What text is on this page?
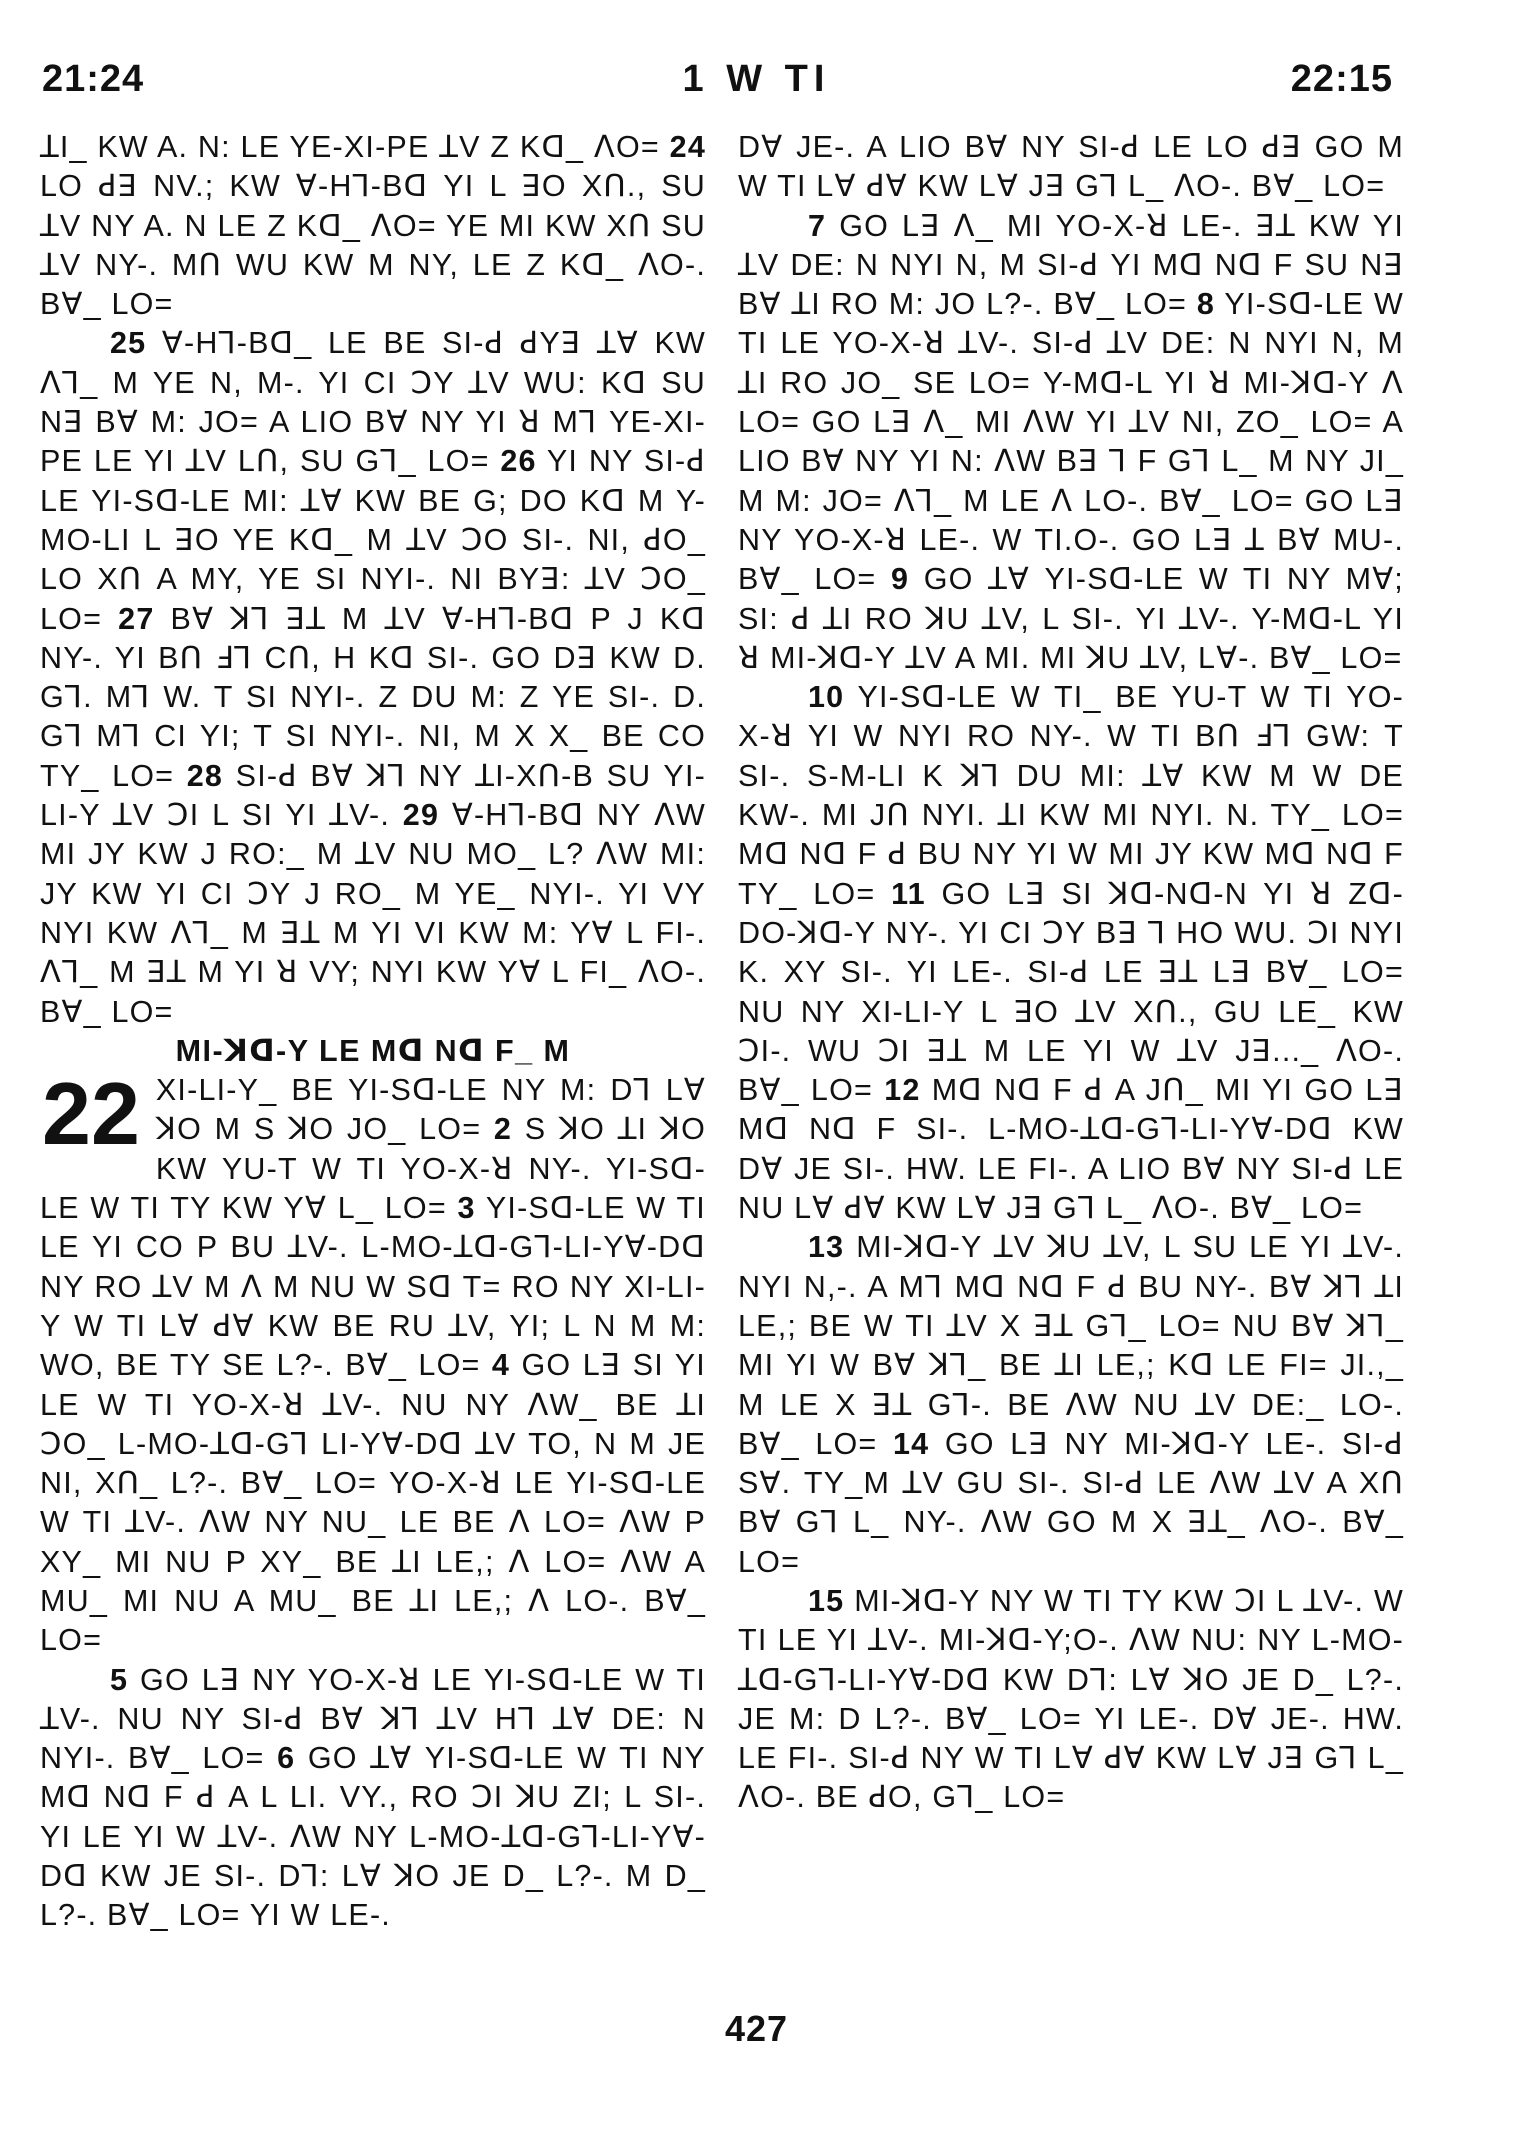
21:24	1 W TI	22:15

ꓕI_ KW A. N: LE YE-XI-PE ꓕV Z Kꓷ_ ꓥO= 24 LO ꓒꓱ NV.; KW ꓯ-Hꓶ-Bꓷ YI L ꓱO Xꓵ., SU ꓕV NY A. N LE Z Kꓷ_ ꓥO= YE MI KW Xꓵ SU ꓕV NY-. Mꓵ WU KW M NY, LE Z Kꓷ_ ꓥO-. Bꓯ_ LO=

25 ꓯ-Hꓶ-Bꓷ_ LE BE SI-ꓒ ꓒYꓱ ꓕꓯ KW ꓥꓶ_ M YE N, M-. YI CI ꓛY ꓕV WU: Kꓷ SU Nꓱ Bꓯ M: JO= A LIO Bꓯ NY YI ꓤ Mꓶ YE-XI-PE LE YI ꓕV Lꓵ, SU Gꓶ_ LO= 26 YI NY SI-ꓒ LE YI-Sꓷ-LE MI: ꓕꓯ KW BE G; DO Kꓷ M Y-MO-LI L ꓱO YE Kꓷ_ M ꓕV ꓛO SI-. NI, ꓒO_ LO Xꓵ A MY, YE SI NYI-. NI BYꓱ: ꓕV ꓛO_ LO= 27 Bꓯ ꓘꓶ ꓱꓕ M ꓕV ꓯ-Hꓶ-Bꓷ P J Kꓷ NY-. YI Bꓵ ꓞꓶ Cꓵ, H Kꓷ SI-. GO Dꓱ KW D. Gꓶ. Mꓶ W. T SI NYI-. Z DU M: Z YE SI-. D. Gꓶ Mꓶ CI YI; T SI NYI-. NI, M X X_ BE CO TY_ LO= 28 SI-ꓒ Bꓯ ꓘꓶ NY ꓕI-Xꓵ-B SU YI-LI-Y ꓕV ꓛI L SI YI ꓕV-. 29 ꓯ-Hꓶ-Bꓷ NY ꓥW MI JY KW J RO:_ M ꓕV NU MO_ L? ꓥW MI: JY KW YI CI ꓛY J RO_ M YE_ NYI-. YI VY NYI KW ꓥꓶ_ M ꓱꓕ M YI VI KW M: Yꓯ L FI-. ꓥꓶ_ M ꓱꓕ M YI ꓤ VY; NYI KW Yꓯ L FI_ ꓥO-. Bꓯ_ LO=

MI-ꓘꓷ-Y LE Mꓷ Nꓷ F_ M

22 XI-LI-Y_ BE YI-Sꓷ-LE NY M: Dꓶ Lꓯ ꓘO M S ꓘO JO_ LO= 2 S ꓘO ꓕI ꓘO KW YU-T W TI YO-X-ꓤ NY-. YI-Sꓷ-LE W TI TY KW Yꓯ L_ LO= 3 YI-Sꓷ-LE W TI LE YI CO P BU ꓕV-. L-MO-ꓕꓷ-Gꓶ-LI-Yꓯ-Dꓷ NY RO ꓕV M ꓥ M NU W Sꓷ T= RO NY XI-LI-Y W TI Lꓯ ꓒꓯ KW BE RU ꓕV, YI; L N M M: WO, BE TY SE L?-. Bꓯ_ LO= 4 GO Lꓱ SI YI LE W TI YO-X-ꓤ ꓕV-. NU NY ꓥW_ BE ꓕI ꓛO_ L-MO-ꓕꓷ-Gꓶ LI-Yꓯ-Dꓷ ꓕV TO, N M JE NI, Xꓵ_ L?-. Bꓯ_ LO= YO-X-ꓤ LE YI-Sꓷ-LE W TI ꓕV-. ꓥW NY NU_ LE BE ꓥ LO= ꓥW P XY_ MI NU P XY_ BE ꓕI LE,; ꓥ LO= ꓥW A MU_ MI NU A MU_ BE ꓕI LE,; ꓥ LO-. Bꓯ_ LO=

5 GO Lꓱ NY YO-X-ꓤ LE YI-Sꓷ-LE W TI ꓕV-. NU NY SI-ꓒ Bꓯ ꓘꓶ ꓕV Hꓶ ꓕꓯ DE: N NYI-. Bꓯ_ LO= 6 GO ꓕꓯ YI-Sꓷ-LE W TI NY Mꓷ Nꓷ F ꓒ A L LI. VY., RO ꓛI ꓘU ZI; L SI-. YI LE YI W ꓕV-. ꓥW NY L-MO-ꓕꓷ-Gꓶ-LI-Yꓯ-Dꓷ KW JE SI-. Dꓶ: Lꓯ ꓘO JE D_ L?-. M D_ L?-. Bꓯ_ LO= YI W LE-.

Dꓯ JE-. A LIO Bꓯ NY SI-ꓒ LE LO ꓒꓱ GO M W TI Lꓯ ꓒꓯ KW Lꓯ Jꓱ Gꓶ L_ ꓥO-. Bꓯ_ LO=

7 GO Lꓱ ꓥ_ MI YO-X-ꓤ LE-. ꓱꓕ KW YI ꓕV DE: N NYI N, M SI-ꓒ YI Mꓷ Nꓷ F SU Nꓱ Bꓯ ꓕI RO M: JO L?-. Bꓯ_ LO= 8 YI-Sꓷ-LE W TI LE YO-X-ꓤ ꓕV-. SI-ꓒ ꓕV DE: N NYI N, M ꓕI RO JO_ SE LO= Y-Mꓷ-L YI ꓤ MI-ꓘꓷ-Y ꓥ LO= GO Lꓱ ꓥ_ MI ꓥW YI ꓕV NI, ZO_ LO= A LIO Bꓯ NY YI N: ꓥW Bꓱ ꓶ F Gꓶ L_ M NY JI_ M M: JO= ꓥꓶ_ M LE ꓥ LO-. Bꓯ_ LO= GO Lꓱ NY YO-X-ꓤ LE-. W TI.O-. GO Lꓱ ꓕ Bꓯ MU-. Bꓯ_ LO= 9 GO ꓕꓯ YI-Sꓷ-LE W TI NY Mꓯ; SI: ꓒ ꓕI RO ꓘU ꓕV, L SI-. YI ꓕV-. Y-Mꓷ-L YI ꓤ MI-ꓘꓷ-Y ꓕV A MI. MI ꓘU ꓕV, Lꓯ-. Bꓯ_ LO=

10 YI-Sꓷ-LE W TI_ BE YU-T W TI YO-X-ꓤ YI W NYI RO NY-. W TI Bꓵ ꓞꓶ GW: T SI-. S-M-LI K ꓘꓶ DU MI: ꓕꓯ KW M W DE KW-. MI Jꓵ NYI. ꓕI KW MI NYI. N. TY_ LO= Mꓷ Nꓷ F ꓒ BU NY YI W MI JY KW Mꓷ Nꓷ F TY_ LO= 11 GO Lꓱ SI ꓘꓷ-Nꓷ-N YI ꓤ Zꓷ-DO-ꓘꓷ-Y NY-. YI CI ꓛY Bꓱ ꓶ HO WU. ꓛI NYI K. XY SI-. YI LE-. SI-ꓒ LE ꓱꓕ Lꓱ Bꓯ_ LO= NU NY XI-LI-Y L ꓱO ꓕV Xꓵ., GU LE_ KW ꓛI-. WU ꓛI ꓱꓕ M LE YI W ꓕV Jꓱ..._ ꓥO-. Bꓯ_ LO= 12 Mꓷ Nꓷ F ꓒ A Jꓵ_ MI YI GO Lꓱ Mꓷ Nꓷ F SI-. L-MO-ꓕꓷ-Gꓶ-LI-Yꓯ-Dꓷ KW Dꓯ JE SI-. HW. LE FI-. A LIO Bꓯ NY SI-ꓒ LE NU Lꓯ ꓒꓯ KW Lꓯ Jꓱ Gꓶ L_ ꓥO-. Bꓯ_ LO=

13 MI-ꓘꓷ-Y ꓕV ꓘU ꓕV, L SU LE YI ꓕV-. NYI N,-. A Mꓶ Mꓷ Nꓷ F ꓒ BU NY-. Bꓯ ꓘꓶ ꓕI LE,; BE W TI ꓕV X ꓱꓕ Gꓶ_ LO= NU Bꓯ ꓘꓶ_ MI YI W Bꓯ ꓘꓶ_ BE ꓕI LE,; Kꓷ LE FI= JI.,_ M LE X ꓱꓕ Gꓶ-. BE ꓥW NU ꓕV DE:_ LO-. Bꓯ_ LO= 14 GO Lꓱ NY MI-ꓘꓷ-Y LE-. SI-ꓒ Sꓯ. TY_M ꓕV GU SI-. SI-ꓒ LE ꓥW ꓕV A Xꓵ Bꓯ Gꓶ L_ NY-. ꓥW GO M X ꓱꓕ_ ꓥO-. Bꓯ_ LO=

15 MI-ꓘꓷ-Y NY W TI TY KW ꓛI L ꓕV-. W TI LE YI ꓕV-. MI-ꓘꓷ-Y;O-. ꓥW NU: NY L-MO-ꓕꓷ-Gꓶ-LI-Yꓯ-Dꓷ KW Dꓶ: Lꓯ ꓘO JE D_ L?-. JE M: D L?-. Bꓯ_ LO= YI LE-. Dꓯ JE-. HW. LE FI-. SI-ꓒ NY W TI Lꓯ ꓒꓯ KW Lꓯ Jꓱ Gꓶ L_ ꓥO-. BE ꓒO, Gꓶ_ LO=

427
